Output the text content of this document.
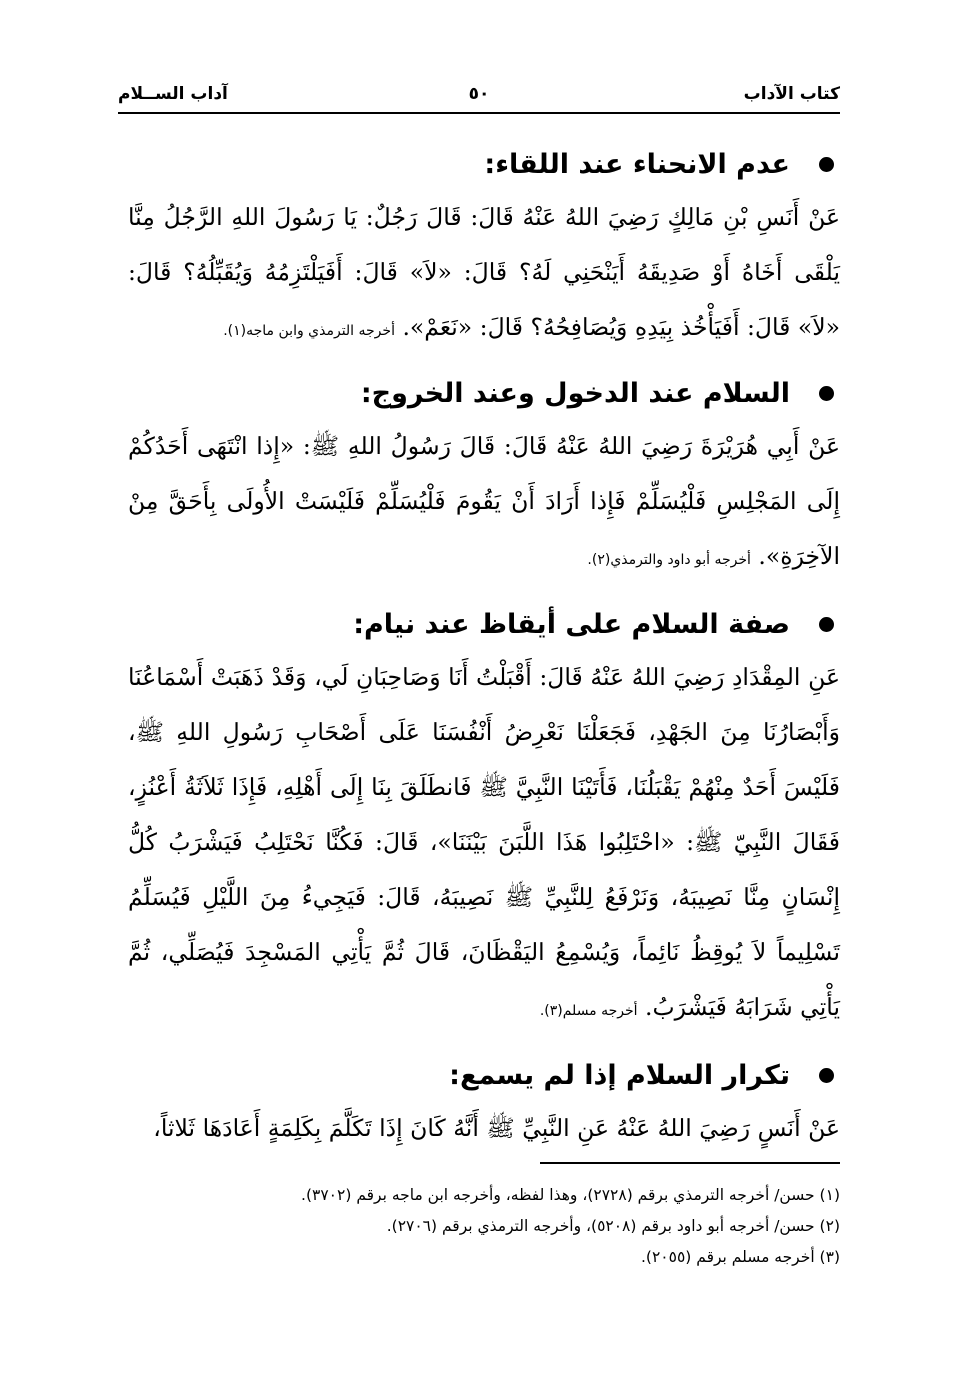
كتاب الآداب
٥٠
آداب الســلام
عدم الانحناء عند اللقاء:

عَنْ أَنَسِ بْنِ مَالِكٍ رَضِيَ اللهُ عَنْهُ قَالَ: قَالَ رَجُلٌ: يَا رَسُولَ اللهِ الرَّجُلُ مِنَّا يَلْقَى أَخَاهُ أَوْ صَدِيقَهُ أَيَنْحَنِي لَهُ؟ قَالَ: «لاَ» قَالَ: أَفَيَلْتَزِمُهُ وَيُقَبِّلُهُ؟ قَالَ: «لاَ» قَالَ: أَفَيَأْخُذ بِيَدِهِ وَيُصَافِحُهُ؟ قَالَ: «نَعَمْ». أخرجه الترمذي وابن ماجه(١).

السلام عند الدخول وعند الخروج:

عَنْ أَبِي هُرَيْرَةَ رَضِيَ اللهُ عَنْهُ قَالَ: قَالَ رَسُولُ اللهِ ﷺ: «إِذا انْتَهَى أَحَدُكُمْ إِلَى المَجْلِسِ فَلْيُسَلِّمْ فَإِذا أَرَادَ أَنْ يَقُومَ فَلْيُسَلِّمْ فَلَيْسَتْ الأُولَى بِأَحَقَّ مِنْ الآخِرَةِ». أخرجه أبو داود والترمذي(٢).

صفة السلام على أيقاظ عند نيام:

عَنِ المِقْدَادِ رَضِيَ اللهُ عَنْهُ قَالَ: أَقْبَلْتُ أَنَا وَصَاحِبَانِ لَي، وَقَدْ ذَهَبَتْ أَسْمَاعُنَا وَأَبْصَارُنَا مِنَ الجَهْدِ، فَجَعَلْنَا نَعْرِضُ أَنْفُسَنَا عَلَى أَصْحَابِ رَسُولِ اللهِ ﷺ، فَلَيْسَ أَحَدٌ مِنْهُمْ يَقْبَلُنَا، فَأَتَيْنَا النَّبِيَّ ﷺ فَانطَلَقَ بِنَا إِلَى أَهْلِهِ، فَإِذَا ثَلاَثَةُ أَعْنُزٍ، فَقَالَ النَّبِيّ ﷺ: «احْتَلِبُوا هَذَا اللَّبَنَ بَيْنَنَا»، قَالَ: فَكُنَّا نَحْتَلِبُ فَيَشْرَبُ كُلُّ إِنْسَانٍ مِنَّا نَصِيبَهُ، وَنَرْفَعُ لِلنَّبِيِّ ﷺ نَصِيبَهُ، قَالَ: فَيَجِيءُ مِنَ اللَّيْلِ فَيُسَلِّمُ تَسْلِيماً لاَ يُوقِظُ نَائِماً، وَيُسْمِعُ اليَقْظَانَ، قَالَ ثُمَّ يَأْتِي المَسْجِدَ فَيُصَلِّي، ثُمَّ يَأْتِي شَرَابَهُ فَيَشْرَبُ. أخرجه مسلم(٣).

تكرار السلام إذا لم يسمع:

عَنْ أَنَسٍ رَضِيَ اللهُ عَنْهُ عَنِ النَّبِيِّ ﷺ أَنَّهُ كَانَ إِذَا تَكَلَّمَ بِكَلِمَةٍ أَعَادَهَا ثَلاثاً،

(١) حسن/ أخرجه الترمذي برقم (٢٧٢٨)، وهذا لفظه، وأخرجه ابن ماجه برقم (٣٧٠٢).

(٢) حسن/ أخرجه أبو داود برقم (٥٢٠٨)، وأخرجه الترمذي برقم (٢٧٠٦).

(٣) أخرجه مسلم برقم (٢٠٥٥).
